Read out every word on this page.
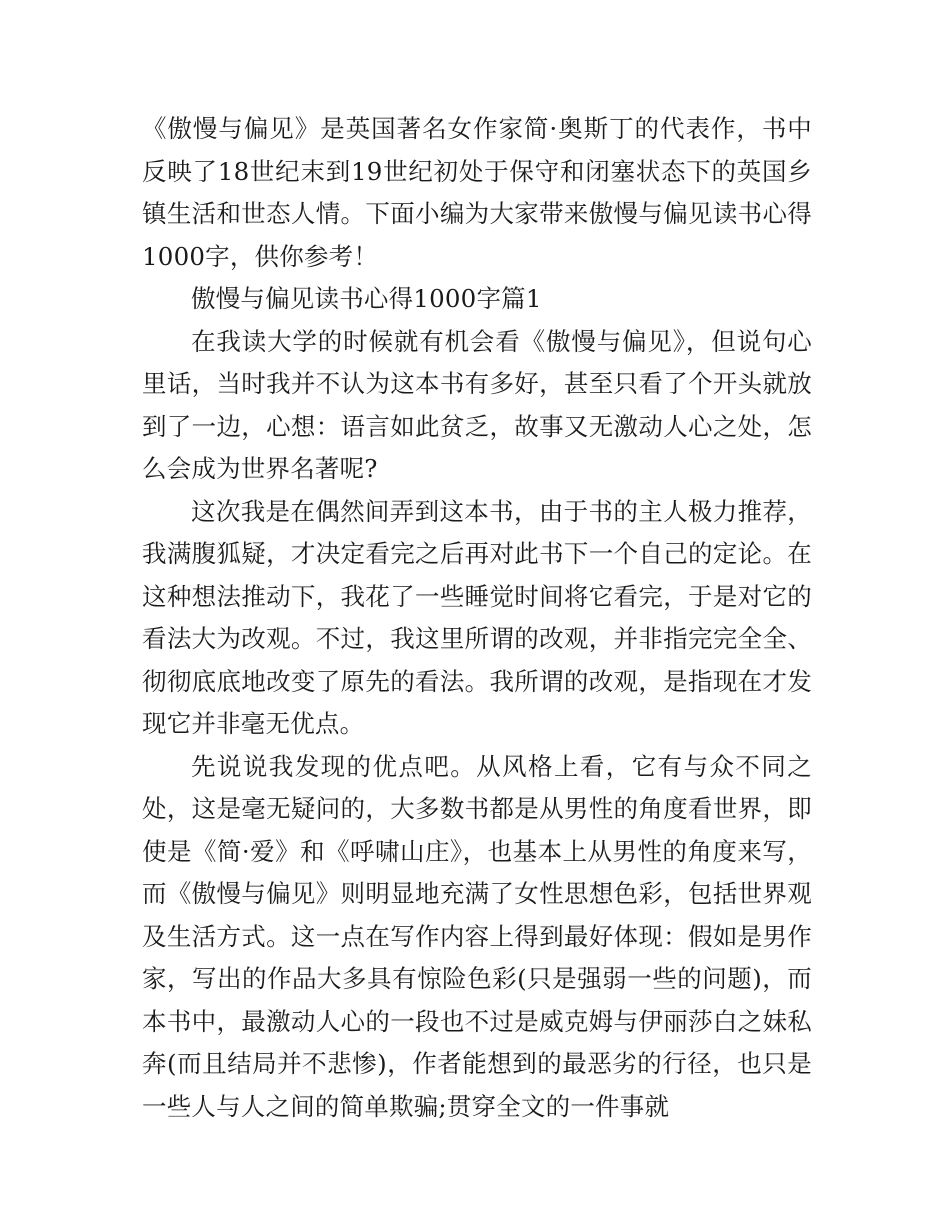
《傲慢与偏见》是英国著名女作家简·奥斯丁的代表作，书中反映了18世纪末到19世纪初处于保守和闭塞状态下的英国乡镇生活和世态人情。下面小编为大家带来傲慢与偏见读书心得1000字，供你参考！

傲慢与偏见读书心得1000字篇1

在我读大学的时候就有机会看《傲慢与偏见》，但说句心里话，当时我并不认为这本书有多好，甚至只看了个开头就放到了一边，心想：语言如此贫乏，故事又无激动人心之处，怎么会成为世界名著呢?

这次我是在偶然间弄到这本书，由于书的主人极力推荐，我满腹狐疑，才决定看完之后再对此书下一个自己的定论。在这种想法推动下，我花了一些睡觉时间将它看完，于是对它的看法大为改观。不过，我这里所谓的改观，并非指完完全全、彻彻底底地改变了原先的看法。我所谓的改观，是指现在才发现它并非毫无优点。

先说说我发现的优点吧。从风格上看，它有与众不同之处，这是毫无疑问的，大多数书都是从男性的角度看世界，即使是《简·爱》和《呼啸山庄》，也基本上从男性的角度来写，而《傲慢与偏见》则明显地充满了女性思想色彩，包括世界观及生活方式。这一点在写作内容上得到最好体现：假如是男作家，写出的作品大多具有惊险色彩(只是强弱一些的问题)，而本书中，最激动人心的一段也不过是威克姆与伊丽莎白之妹私奔(而且结局并不悲惨)，作者能想到的最恶劣的行径，也只是一些人与人之间的简单欺骗;贯穿全文的一件事就
